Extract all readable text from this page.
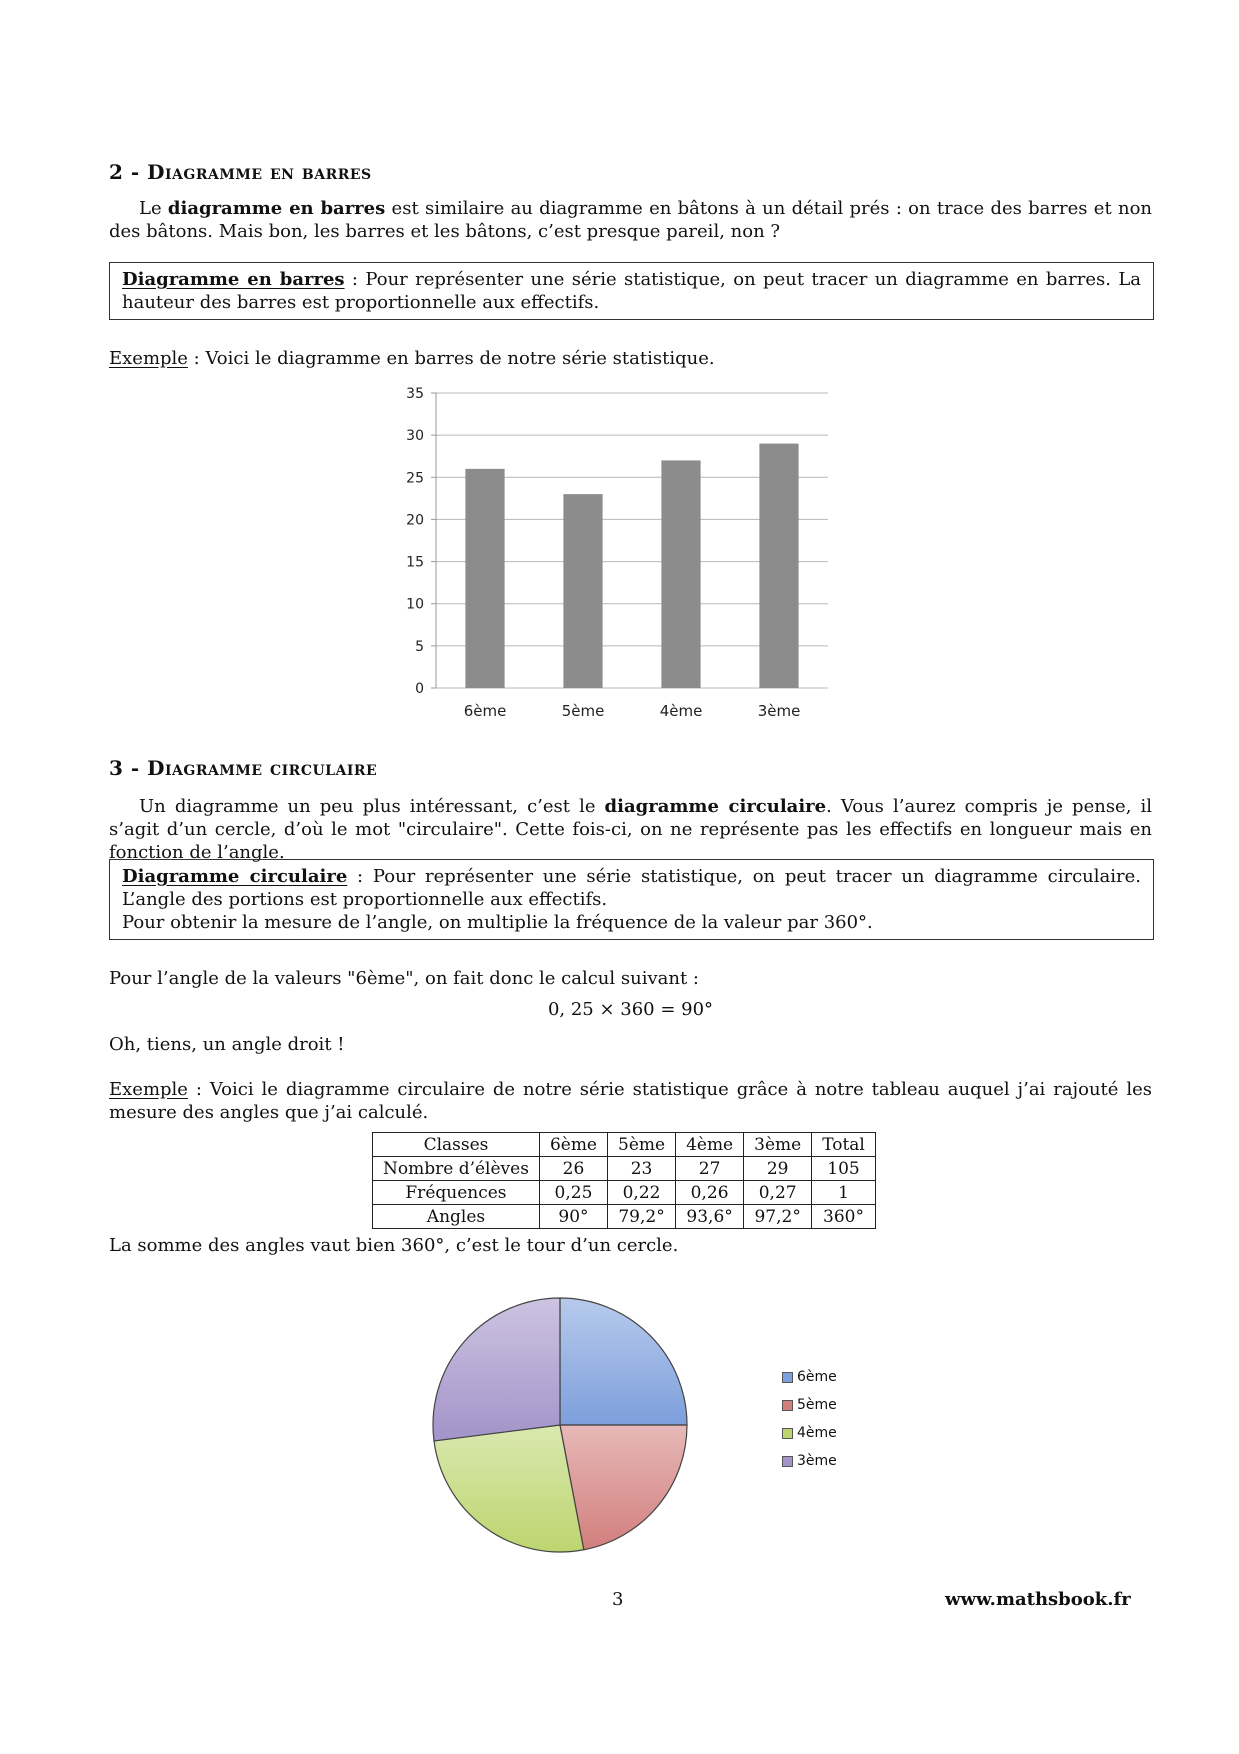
2 - Diagramme en barres
Le diagramme en barres est similaire au diagramme en bâtons à un détail prés : on trace des barres et non des bâtons. Mais bon, les barres et les bâtons, c’est presque pareil, non ?
Diagramme en barres : Pour représenter une série statistique, on peut tracer un diagramme en barres. La hauteur des barres est proportionnelle aux effectifs.
Exemple : Voici le diagramme en barres de notre série statistique.
0
5
10
15
20
25
30
35
6ème	5ème	4ème	3ème
3 - Diagramme circulaire
Un diagramme un peu plus intéressant, c’est le diagramme circulaire. Vous l’aurez compris je pense, il s’agit d’un cercle, d’où le mot "circulaire". Cette fois-ci, on ne représente pas les effectifs en longueur mais en fonction de l’angle.
Diagramme circulaire : Pour représenter une série statistique, on peut tracer un diagramme circulaire. L’angle des portions est proportionnelle aux effectifs.
Pour obtenir la mesure de l’angle, on multiplie la fréquence de la valeur par 360°.
Pour l’angle de la valeurs "6ème", on fait donc le calcul suivant :
0, 25 × 360 = 90°
Oh, tiens, un angle droit !
Exemple : Voici le diagramme circulaire de notre série statistique grâce à notre tableau auquel j’ai rajouté les mesure des angles que j’ai calculé.
Classes	6ème	5ème	4ème	3ème	Total
Nombre d’élèves	26	23	27	29	105
Fréquences	0,25	0,22	0,26	0,27	1
Angles	90°	79,2°	93,6°	97,2°	360°
La somme des angles vaut bien 360°, c’est le tour d’un cercle.
6ème
5ème
4ème
3ème
3	www.mathsbook.fr
